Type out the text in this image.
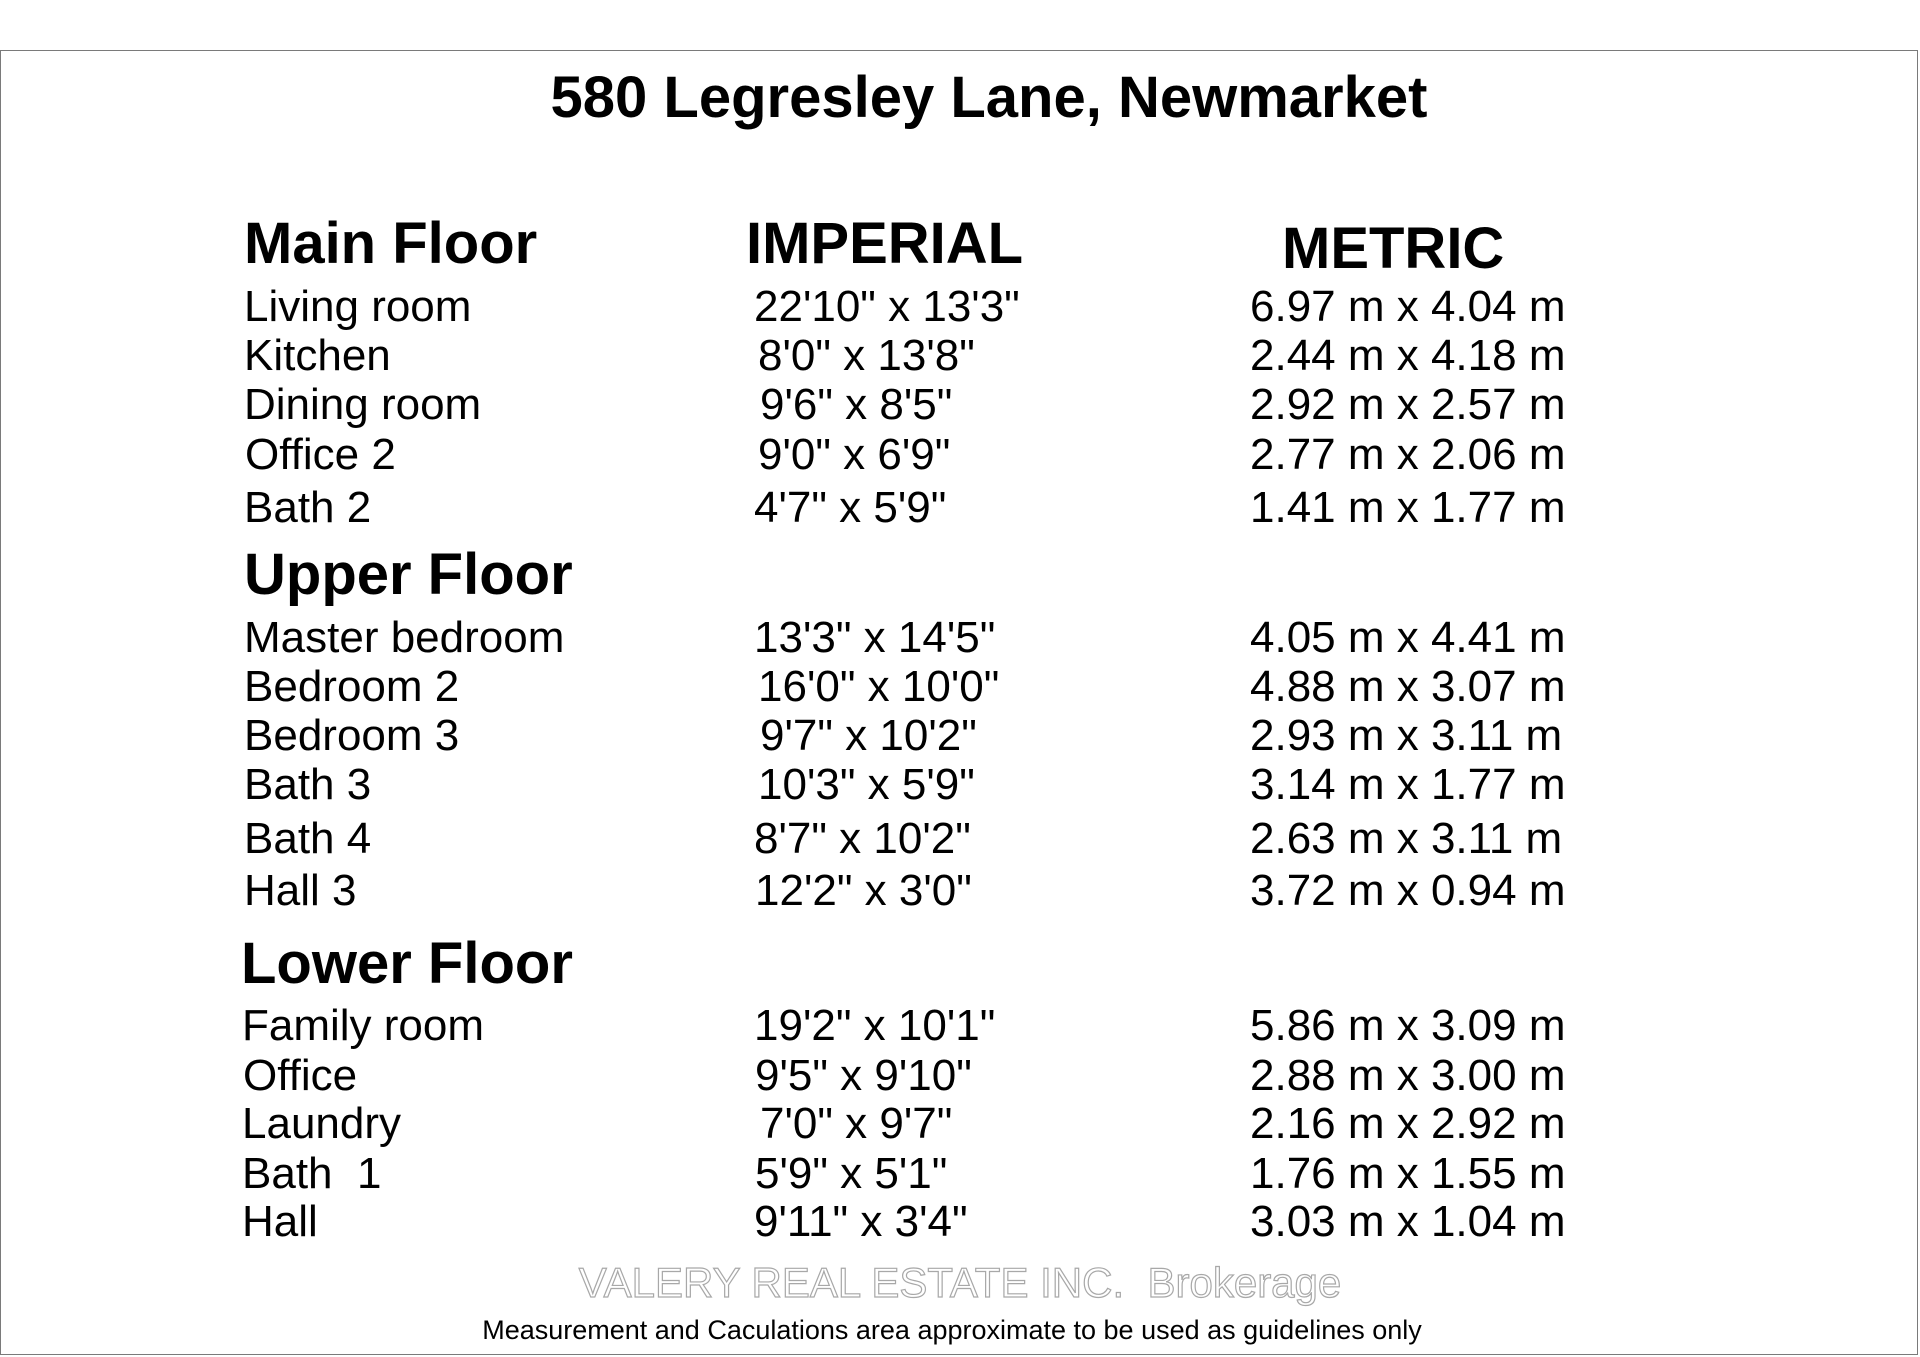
580 Legresley Lane, Newmarket
Main Floor	IMPERIAL	METRIC
Living room	22'10" x 13'3"	6.97 m x 4.04 m
Kitchen	8'0" x 13'8"	2.44 m x 4.18 m
Dining room	9'6" x 8'5"	2.92 m x 2.57 m
Office 2	9'0" x 6'9"	2.77 m x 2.06 m
Bath 2	4'7" x 5'9"	1.41 m x 1.77 m
Upper Floor
Master bedroom	13'3" x 14'5"	4.05 m x 4.41 m
Bedroom 2	16'0" x 10'0"	4.88 m x 3.07 m
Bedroom 3	9'7" x 10'2"	2.93 m x 3.11 m
Bath 3	10'3" x 5'9"	3.14 m x 1.77 m
Bath 4	8'7" x 10'2"	2.63 m x 3.11 m
Hall 3	12'2" x 3'0"	3.72 m x 0.94 m
Lower Floor
Family room	19'2" x 10'1"	5.86 m x 3.09 m
Office	9'5" x 9'10"	2.88 m x 3.00 m
Laundry	7'0" x 9'7"	2.16 m x 2.92 m
Bath  1	5'9" x 5'1"	1.76 m x 1.55 m
Hall	9'11" x 3'4"	3.03 m x 1.04 m
VALERY REAL ESTATE INC.  Brokerage
Measurement and Caculations area approximate to be used as guidelines only
